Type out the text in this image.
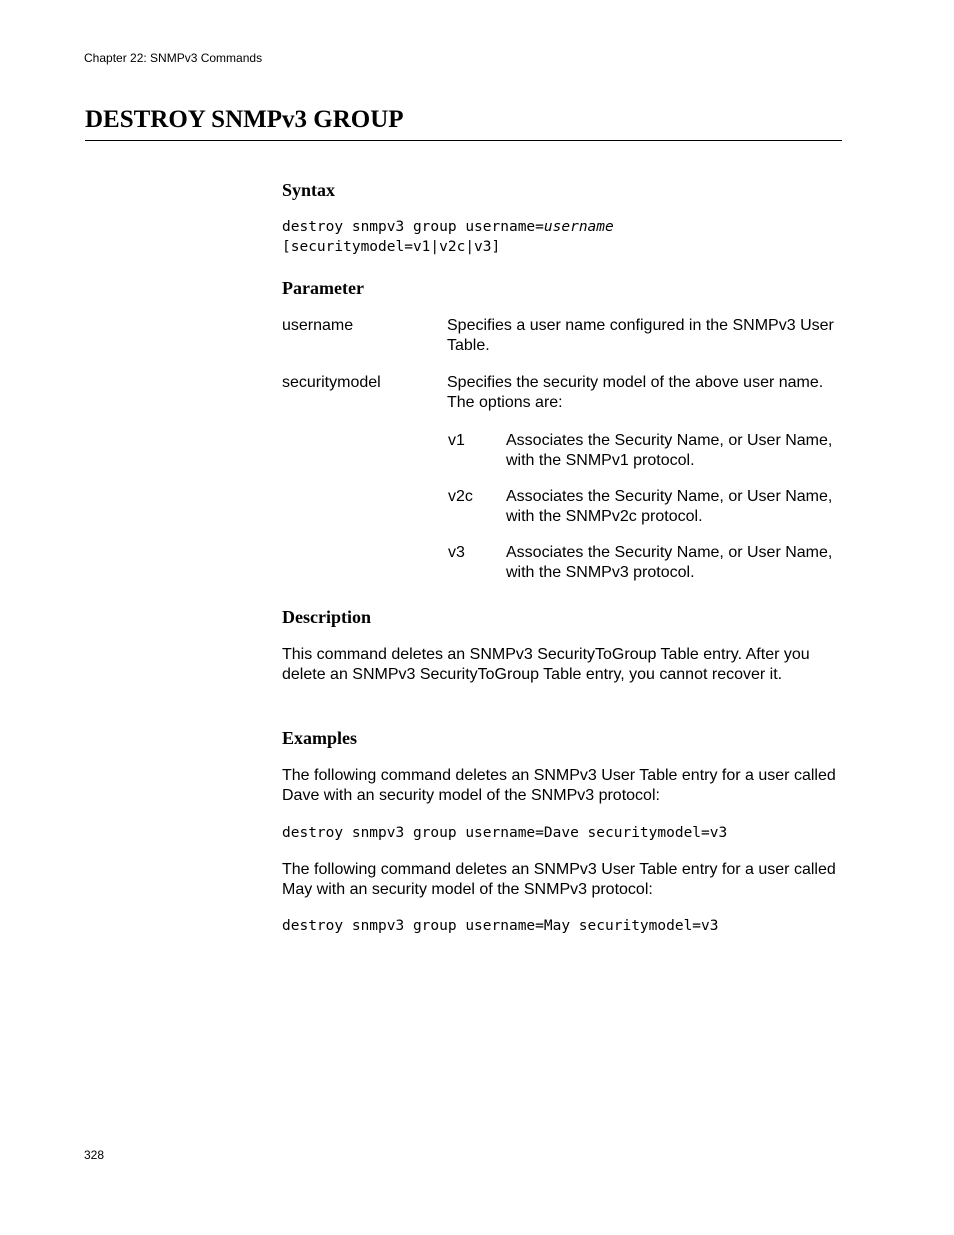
Chapter 22: SNMPv3 Commands
DESTROY SNMPv3 GROUP
Syntax
destroy snmpv3 group username=username
[securitymodel=v1|v2c|v3]
Parameter
username	Specifies a user name configured in the SNMPv3 User Table.
securitymodel	Specifies the security model of the above user name. The options are:
v1	Associates the Security Name, or User Name, with the SNMPv1 protocol.
v2c Associates the Security Name, or User Name, with the SNMPv2c protocol.
v3	Associates the Security Name, or User Name, with the SNMPv3 protocol.
Description
This command deletes an SNMPv3 SecurityToGroup Table entry. After you delete an SNMPv3 SecurityToGroup Table entry, you cannot recover it.
Examples
The following command deletes an SNMPv3 User Table entry for a user called Dave with an security model of the SNMPv3 protocol:
destroy snmpv3 group username=Dave securitymodel=v3
The following command deletes an SNMPv3 User Table entry for a user called May with an security model of the SNMPv3 protocol:
destroy snmpv3 group username=May securitymodel=v3
328
